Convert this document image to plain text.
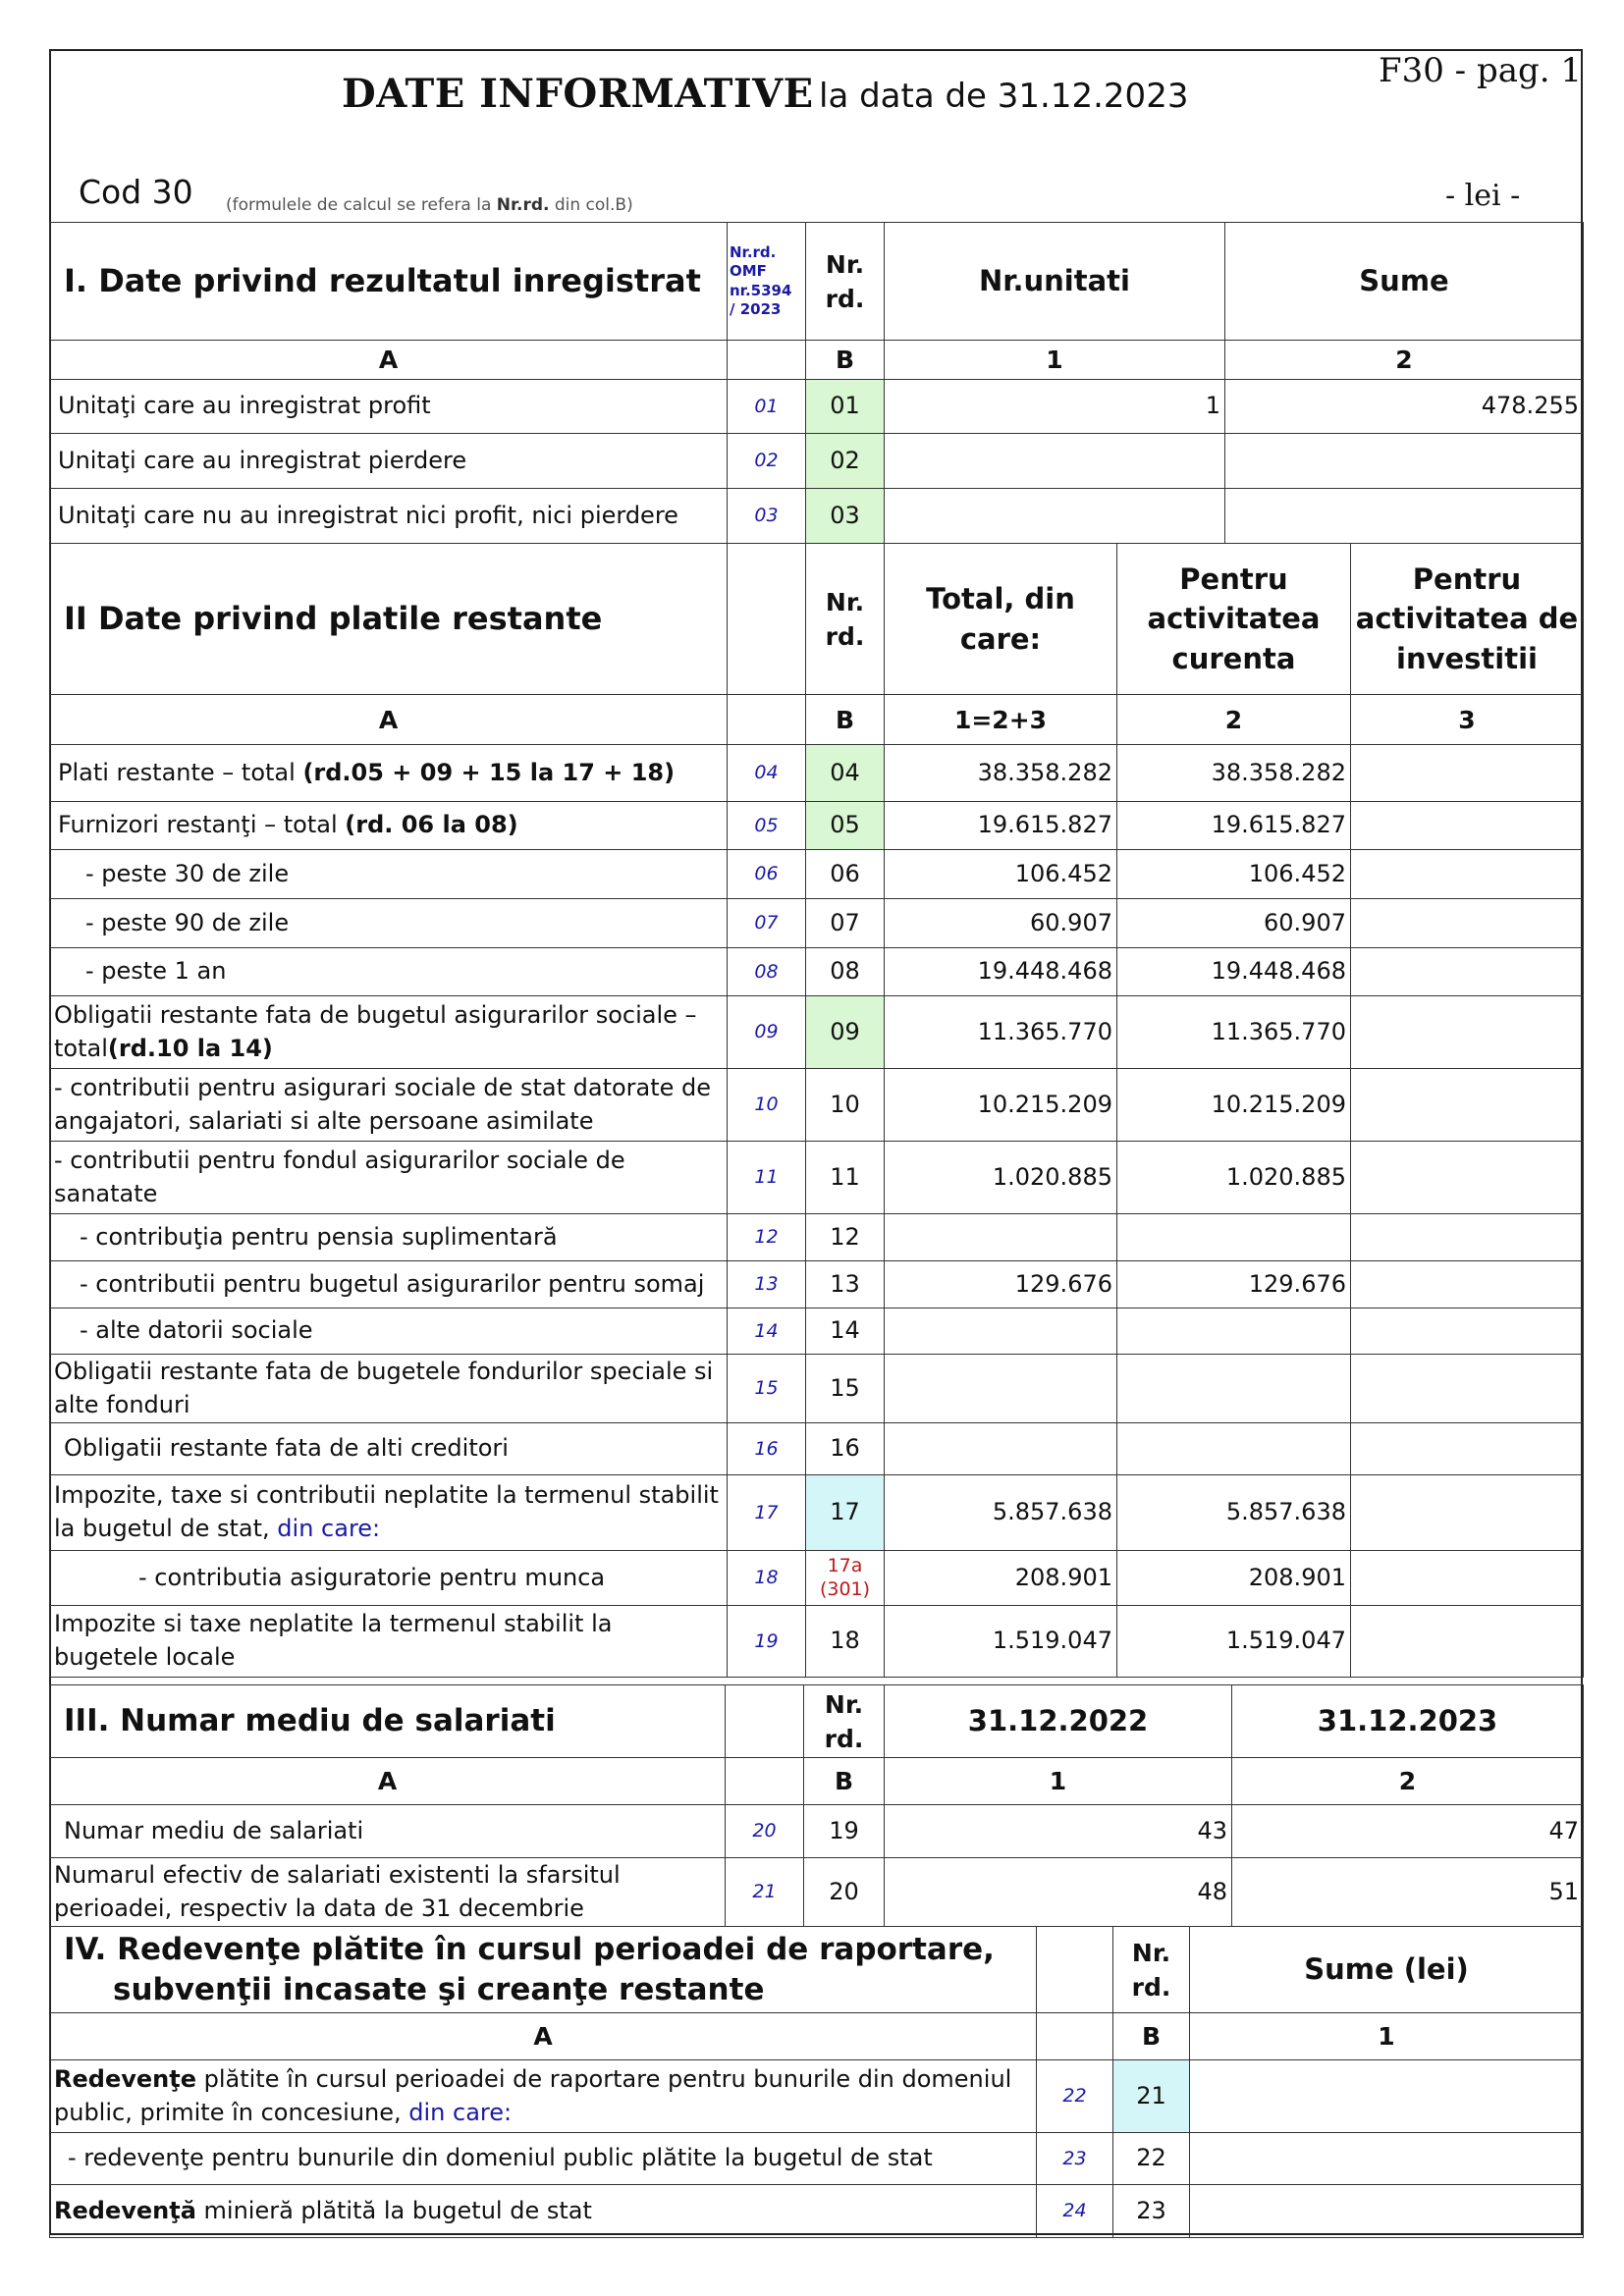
DATE INFORMATIVE la data de 31.12.2023
F30 - pag. 1
Cod 30 (formulele de calcul se refera la Nr.rd. din col.B)	- lei -
I. Date privind rezultatul inregistrat	Nr.rd. OMF nr.5394 / 2023	Nr. rd.	Nr.unitati	Sume
A		B	1	2
Unitaţi care au inregistrat profit	01	01	1	478.255
Unitaţi care au inregistrat pierdere	02	02		
Unitaţi care nu au inregistrat nici profit, nici pierdere	03	03		
II Date privind platile restante		Nr. rd.	Total, din care:	Pentru activitatea curenta	Pentru activitatea de investitii
A		B	1=2+3	2	3
Plati restante – total (rd.05 + 09 + 15 la 17 + 18)	04	04	38.358.282	38.358.282	
Furnizori restanţi – total (rd. 06 la 08)	05	05	19.615.827	19.615.827	
- peste 30 de zile	06	06	106.452	106.452	
- peste 90 de zile	07	07	60.907	60.907	
- peste 1 an	08	08	19.448.468	19.448.468	
Obligatii restante fata de bugetul asigurarilor sociale – total(rd.10 la 14)	09	09	11.365.770	11.365.770	
- contributii pentru asigurari sociale de stat datorate de angajatori, salariati si alte persoane asimilate	10	10	10.215.209	10.215.209	
- contributii pentru fondul asigurarilor sociale de sanatate	11	11	1.020.885	1.020.885	
- contribuţia pentru pensia suplimentară	12	12			
- contributii pentru bugetul asigurarilor pentru somaj	13	13	129.676	129.676	
- alte datorii sociale	14	14			
Obligatii restante fata de bugetele fondurilor speciale si alte fonduri	15	15			
Obligatii restante fata de alti creditori	16	16			
Impozite, taxe si contributii neplatite la termenul stabilit la bugetul de stat, din care:	17	17	5.857.638	5.857.638	
- contributia asiguratorie pentru munca	18	17a (301)	208.901	208.901	
Impozite si taxe neplatite la termenul stabilit la bugetele locale	19	18	1.519.047	1.519.047	
III. Numar mediu de salariati		Nr. rd.	31.12.2022	31.12.2023
A		B	1	2
Numar mediu de salariati	20	19	43	47
Numarul efectiv de salariati existenti la sfarsitul perioadei, respectiv la data de 31 decembrie	21	20	48	51
IV. Redevenţe plătite în cursul perioadei de raportare,
subvenţii incasate şi creanţe restante		Nr. rd.	Sume (lei)
A		B	1
Redevenţe plătite în cursul perioadei de raportare pentru bunurile din domeniul public, primite în concesiune, din care:	22	21	
- redevenţe pentru bunurile din domeniul public plătite la bugetul de stat	23	22	
Redevenţă minieră plătită la bugetul de stat	24	23	
